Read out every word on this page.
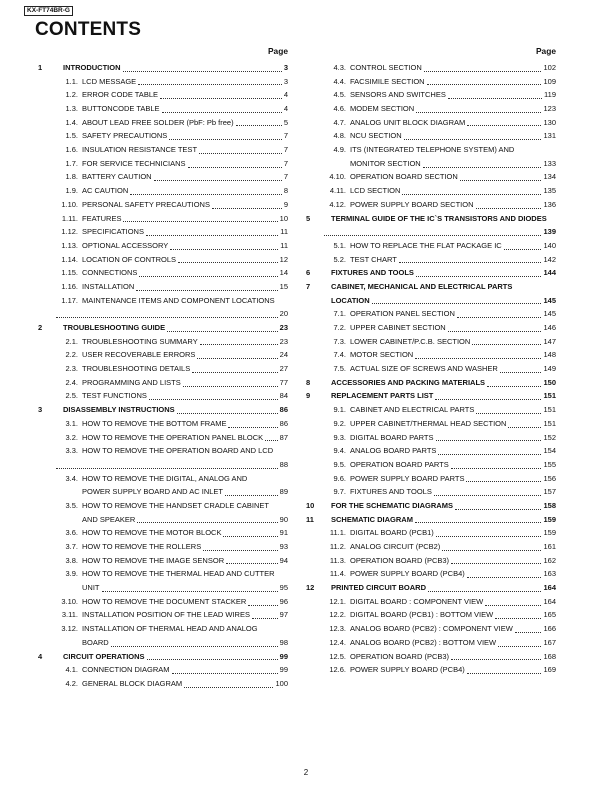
KX-FT74BR-G
CONTENTS
Page
1	INTRODUCTION	3
1.1. LCD MESSAGE	3
1.2. ERROR CODE TABLE	4
1.3. BUTTONCODE TABLE	4
1.4. ABOUT LEAD FREE SOLDER (PbF: Pb free)	5
1.5. SAFETY PRECAUTIONS	7
1.6. INSULATION RESISTANCE TEST	7
1.7. FOR SERVICE TECHNICIANS	7
1.8. BATTERY CAUTION	7
1.9. AC CAUTION	8
1.10. PERSONAL SAFETY PRECAUTIONS	9
1.11. FEATURES	10
1.12. SPECIFICATIONS	11
1.13. OPTIONAL ACCESSORY	11
1.14. LOCATION OF CONTROLS	12
1.15. CONNECTIONS	14
1.16. INSTALLATION	15
1.17. MAINTENANCE ITEMS AND COMPONENT LOCATIONS
20
2	TROUBLESHOOTING GUIDE	23
2.1. TROUBLESHOOTING SUMMARY	23
2.2. USER RECOVERABLE ERRORS	24
2.3. TROUBLESHOOTING DETAILS	27
2.4. PROGRAMMING AND LISTS	77
2.5. TEST FUNCTIONS	84
3	DISASSEMBLY INSTRUCTIONS	86
3.1. HOW TO REMOVE THE BOTTOM FRAME	86
3.2. HOW TO REMOVE THE OPERATION PANEL BLOCK 87
3.3. HOW TO REMOVE THE OPERATION BOARD AND LCD
88
3.4. HOW TO REMOVE THE DIGITAL, ANALOG AND
POWER SUPPLY BOARD AND AC INLET	89
3.5. HOW TO REMOVE THE HANDSET CRADLE CABINET
AND SPEAKER	90
3.6. HOW TO REMOVE THE MOTOR BLOCK	91
3.7. HOW TO REMOVE THE ROLLERS	93
3.8. HOW TO REMOVE THE IMAGE SENSOR	94
3.9. HOW TO REMOVE THE THERMAL HEAD AND CUTTER
UNIT	95
3.10. HOW TO REMOVE THE DOCUMENT STACKER	96
3.11. INSTALLATION POSITION OF THE LEAD WIRES	97
3.12. INSTALLATION OF THERMAL HEAD AND ANALOG
BOARD	98
4	CIRCUIT OPERATIONS	99
4.1. CONNECTION DIAGRAM	99
4.2. GENERAL BLOCK DIAGRAM	100
Page
4.3. CONTROL SECTION	102
4.4. FACSIMILE SECTION	109
4.5. SENSORS AND SWITCHES	119
4.6. MODEM SECTION	123
4.7. ANALOG UNIT BLOCK DIAGRAM	130
4.8. NCU SECTION	131
4.9. ITS (INTEGRATED TELEPHONE SYSTEM) AND
MONITOR SECTION	133
4.10. OPERATION BOARD SECTION	134
4.11. LCD SECTION	135
4.12. POWER SUPPLY BOARD SECTION	136
5	TERMINAL GUIDE OF THE IC`S TRANSISTORS AND DIODES
139
5.1. HOW TO REPLACE THE FLAT PACKAGE IC	140
5.2. TEST CHART	142
6	FIXTURES AND TOOLS	144
7	CABINET, MECHANICAL AND ELECTRICAL PARTS
LOCATION	145
7.1. OPERATION PANEL SECTION	145
7.2. UPPER CABINET SECTION	146
7.3. LOWER CABINET/P.C.B. SECTION	147
7.4. MOTOR SECTION	148
7.5. ACTUAL SIZE OF SCREWS AND WASHER	149
8	ACCESSORIES AND PACKING MATERIALS	150
9	REPLACEMENT PARTS LIST	151
9.1. CABINET AND ELECTRICAL PARTS	151
9.2. UPPER CABINET/THERMAL HEAD SECTION	151
9.3. DIGITAL BOARD PARTS	152
9.4. ANALOG BOARD PARTS	154
9.5. OPERATION BOARD PARTS	155
9.6. POWER SUPPLY BOARD PARTS	156
9.7. FIXTURES AND TOOLS	157
10	FOR THE SCHEMATIC DIAGRAMS	158
11	SCHEMATIC DIAGRAM	159
11.1. DIGITAL BOARD (PCB1)	159
11.2. ANALOG CIRCUIT (PCB2)	161
11.3. OPERATION BOARD (PCB3)	162
11.4. POWER SUPPLY BOARD (PCB4)	163
12	PRINTED CIRCUIT BOARD	164
12.1. DIGITAL BOARD : COMPONENT VIEW	164
12.2. DIGITAL BOARD (PCB1) : BOTTOM VIEW	165
12.3. ANALOG BOARD (PCB2) : COMPONENT VIEW	166
12.4. ANALOG BOARD (PCB2) : BOTTOM VIEW	167
12.5. OPERATION BOARD (PCB3)	168
12.6. POWER SUPPLY BOARD (PCB4)	169
2
